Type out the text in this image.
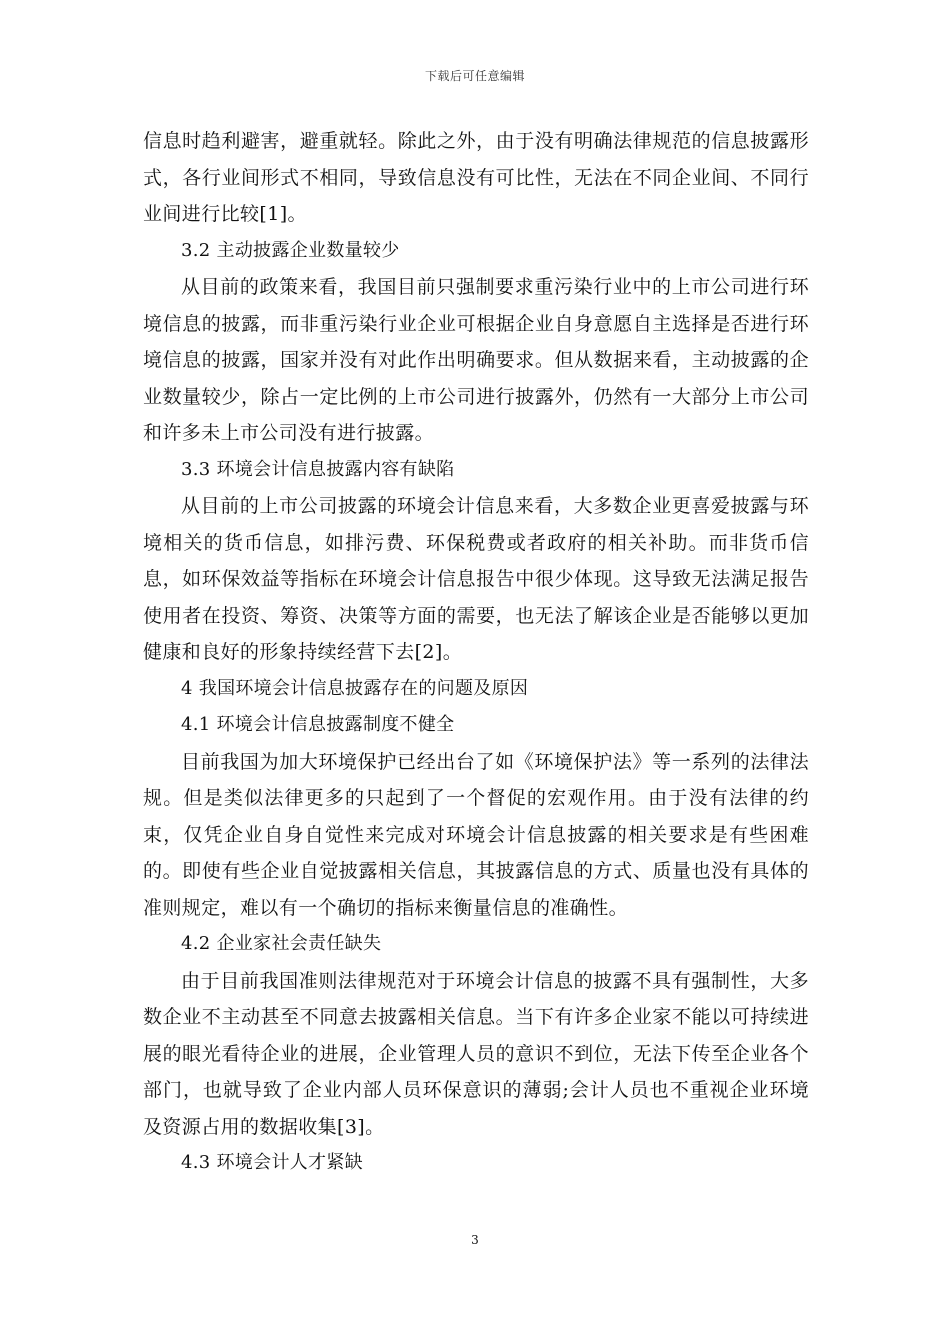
下载后可任意编辑

信息时趋利避害，避重就轻。除此之外，由于没有明确法律规范的信息披露形式，各行业间形式不相同，导致信息没有可比性，无法在不同企业间、不同行业间进行比较[1]。

3.2 主动披露企业数量较少

从目前的政策来看，我国目前只强制要求重污染行业中的上市公司进行环境信息的披露，而非重污染行业企业可根据企业自身意愿自主选择是否进行环境信息的披露，国家并没有对此作出明确要求。但从数据来看，主动披露的企业数量较少，除占一定比例的上市公司进行披露外，仍然有一大部分上市公司和许多未上市公司没有进行披露。

3.3 环境会计信息披露内容有缺陷

从目前的上市公司披露的环境会计信息来看，大多数企业更喜爱披露与环境相关的货币信息，如排污费、环保税费或者政府的相关补助。而非货币信息，如环保效益等指标在环境会计信息报告中很少体现。这导致无法满足报告使用者在投资、筹资、决策等方面的需要，也无法了解该企业是否能够以更加健康和良好的形象持续经营下去[2]。

4 我国环境会计信息披露存在的问题及原因

4.1 环境会计信息披露制度不健全

目前我国为加大环境保护已经出台了如《环境保护法》等一系列的法律法规。但是类似法律更多的只起到了一个督促的宏观作用。由于没有法律的约束，仅凭企业自身自觉性来完成对环境会计信息披露的相关要求是有些困难的。即使有些企业自觉披露相关信息，其披露信息的方式、质量也没有具体的准则规定，难以有一个确切的指标来衡量信息的准确性。

4.2 企业家社会责任缺失

由于目前我国准则法律规范对于环境会计信息的披露不具有强制性，大多数企业不主动甚至不同意去披露相关信息。当下有许多企业家不能以可持续进展的眼光看待企业的进展，企业管理人员的意识不到位，无法下传至企业各个部门，也就导致了企业内部人员环保意识的薄弱;会计人员也不重视企业环境及资源占用的数据收集[3]。

4.3 环境会计人才紧缺

3
